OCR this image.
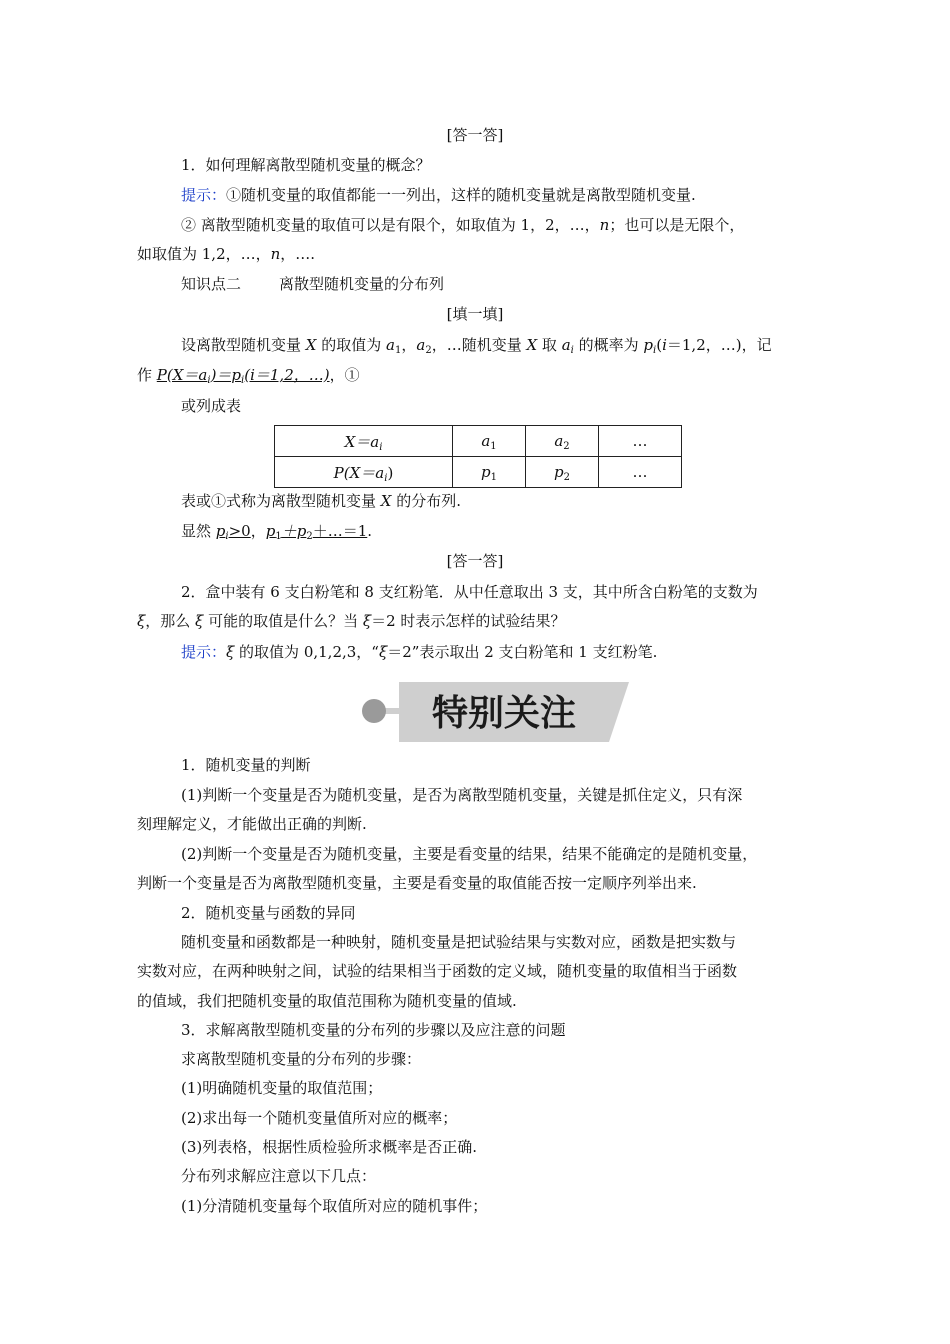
[答一答]
1．如何理解离散型随机变量的概念？
提示：①随机变量的取值都能一一列出，这样的随机变量就是离散型随机变量.
② 离散型随机变量的取值可以是有限个，如取值为 1，2，…，n；也可以是无限个，
如取值为 1,2，…，n，….
知识点二	离散型随机变量的分布列
[填一填]
设离散型随机变量 X 的取值为 $a_1$，$a_2$，…随机变量 X 取 $a_i$ 的概率为 $p_i(i=1,2$，…)，记
作 $P(X=a_i)=p_i(i=1,2$，…)，①
或列成表
$X=a_i$	$a_1$	$a_2$	…
$P(X=a_i)$	$p_1$	$p_2$	…
表或①式称为离散型随机变量 X 的分布列.
显然 $p_i>0$，$p_1+p_2+\dots=1$.
[答一答]
2．盒中装有 6 支白粉笔和 8 支红粉笔．从中任意取出 3 支，其中所含白粉笔的支数为
ξ，那么 ξ 可能的取值是什么？当 ξ＝2 时表示怎样的试验结果？
提示：ξ 的取值为 0,1,2,3，“ξ＝2”表示取出 2 支白粉笔和 1 支红粉笔.
特别关注
1．随机变量的判断
(1)判断一个变量是否为随机变量，是否为离散型随机变量，关键是抓住定义，只有深
刻理解定义，才能做出正确的判断.
(2)判断一个变量是否为随机变量，主要是看变量的结果，结果不能确定的是随机变量，
判断一个变量是否为离散型随机变量，主要是看变量的取值能否按一定顺序列举出来.
2．随机变量与函数的异同
随机变量和函数都是一种映射，随机变量是把试验结果与实数对应，函数是把实数与
实数对应，在两种映射之间，试验的结果相当于函数的定义域，随机变量的取值相当于函数
的值域，我们把随机变量的取值范围称为随机变量的值域.
3．求解离散型随机变量的分布列的步骤以及应注意的问题
求离散型随机变量的分布列的步骤：
(1)明确随机变量的取值范围；
(2)求出每一个随机变量值所对应的概率；
(3)列表格，根据性质检验所求概率是否正确.
分布列求解应注意以下几点：
(1)分清随机变量每个取值所对应的随机事件；
